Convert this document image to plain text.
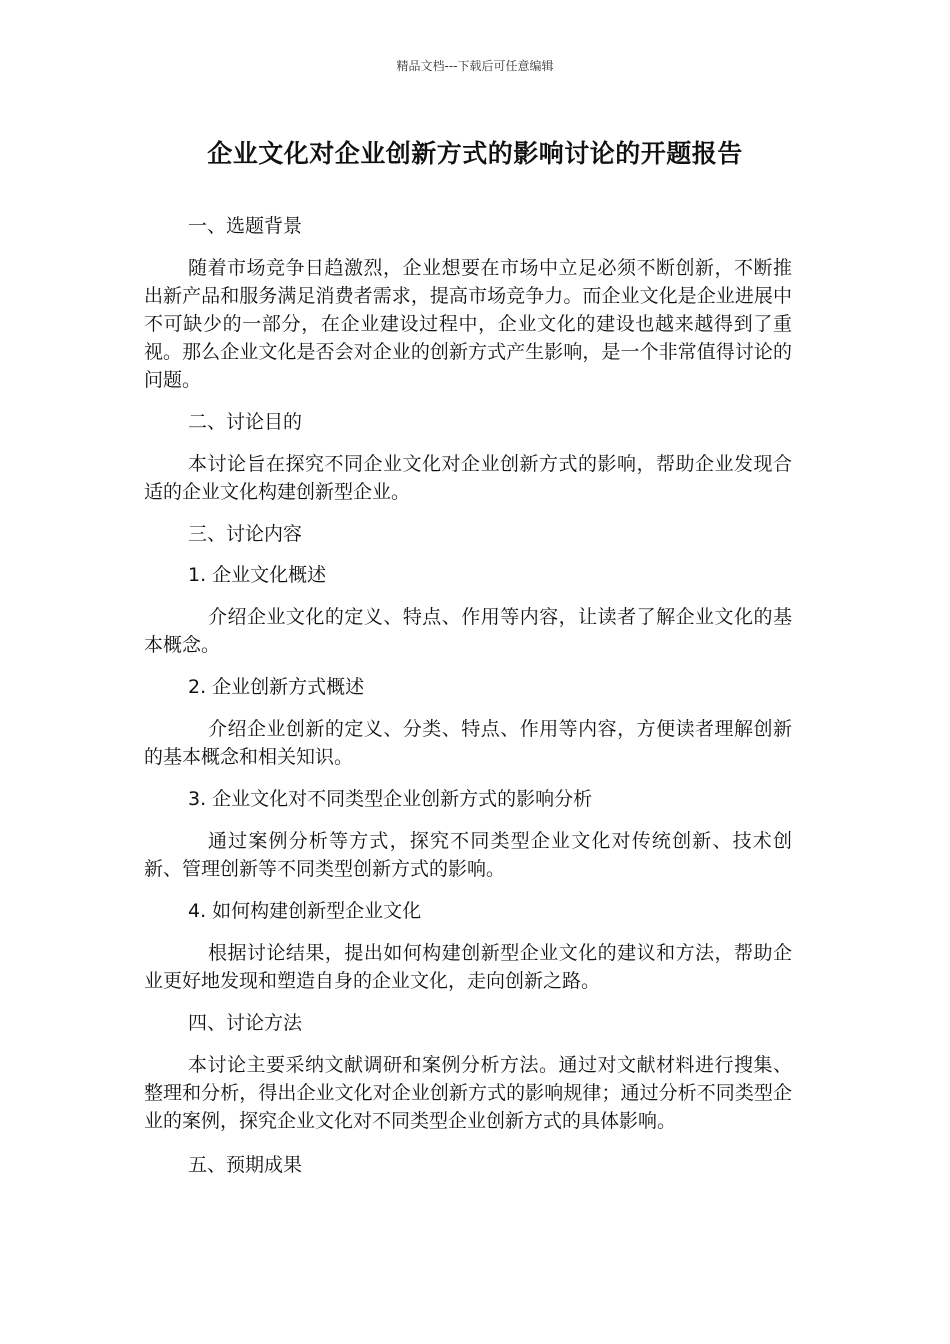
精品文档---下载后可任意编辑
企业文化对企业创新方式的影响讨论的开题报告

一、选题背景

随着市场竞争日趋激烈，企业想要在市场中立足必须不断创新，不断推出新产品和服务满足消费者需求，提高市场竞争力。而企业文化是企业进展中不可缺少的一部分，在企业建设过程中，企业文化的建设也越来越得到了重视。那么企业文化是否会对企业的创新方式产生影响，是一个非常值得讨论的问题。

二、讨论目的

本讨论旨在探究不同企业文化对企业创新方式的影响，帮助企业发现合适的企业文化构建创新型企业。

三、讨论内容

1. 企业文化概述

介绍企业文化的定义、特点、作用等内容，让读者了解企业文化的基本概念。

2. 企业创新方式概述

介绍企业创新的定义、分类、特点、作用等内容，方便读者理解创新的基本概念和相关知识。

3. 企业文化对不同类型企业创新方式的影响分析

通过案例分析等方式，探究不同类型企业文化对传统创新、技术创新、管理创新等不同类型创新方式的影响。

4. 如何构建创新型企业文化

根据讨论结果，提出如何构建创新型企业文化的建议和方法，帮助企业更好地发现和塑造自身的企业文化，走向创新之路。

四、讨论方法

本讨论主要采纳文献调研和案例分析方法。通过对文献材料进行搜集、整理和分析，得出企业文化对企业创新方式的影响规律；通过分析不同类型企业的案例，探究企业文化对不同类型企业创新方式的具体影响。

五、预期成果
